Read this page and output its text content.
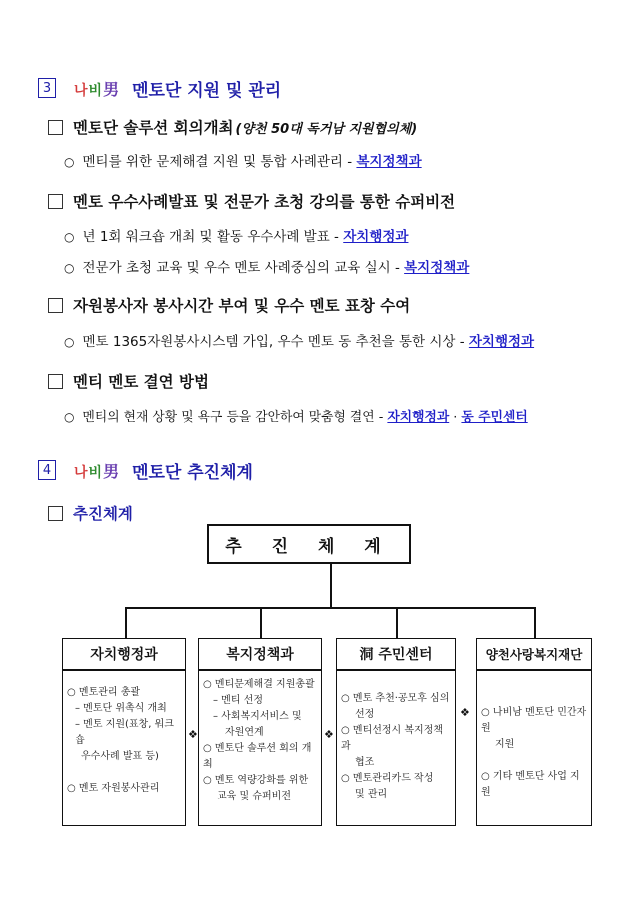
3	나비男 멘토단 지원 및 관리
멘토단 솔루션 회의개최 (양천 50대 독거남 지원협의체)
○ 멘티를 위한 문제해결 지원 및 통합 사례관리 - 복지정책과
멘토 우수사례발표 및 전문가 초청 강의를 통한 슈퍼비전
○ 년 1회 워크숍 개최 및 활동 우수사례 발표 - 자치행정과
○ 전문가 초청 교육 및 우수 멘토 사례중심의 교육 실시 - 복지정책과
자원봉사자 봉사시간 부여 및 우수 멘토 표창 수여
○ 멘토 1365자원봉사시스템 가입, 우수 멘토 동 추천을 통한 시상 - 자치행정과
멘티 멘토 결연 방법
○ 멘티의 현재 상황 및 욕구 등을 감안하여 맞춤형 결연 - 자치행정과 · 동 주민센터
4	나비男 멘토단 추진체계
추진체계
추 진 체 계
자치행정과

○ 멘토관리 총괄

– 멘토단 위촉식 개최

– 멘토 지원(표창, 워크숍

우수사례 발표 등)

○ 멘토 자원봉사관리

❖
복지정책과

○ 멘티문제해결 지원총괄

– 멘티 선정

– 사회복지서비스 및

자원연계

○ 멘토단 솔루션 회의 개최

○ 멘토 역량강화를 위한

교육 및 슈퍼비전

❖
洞 주민센터

○ 멘토 추천·공모후 심의

선정

○ 멘티선정시 복지정책과

협조

○ 멘토관리카드 작성

및 관리

❖
양천사랑복지재단

○ 나비남 멘토단 민간자원

지원

○ 기타 멘토단 사업 지원
